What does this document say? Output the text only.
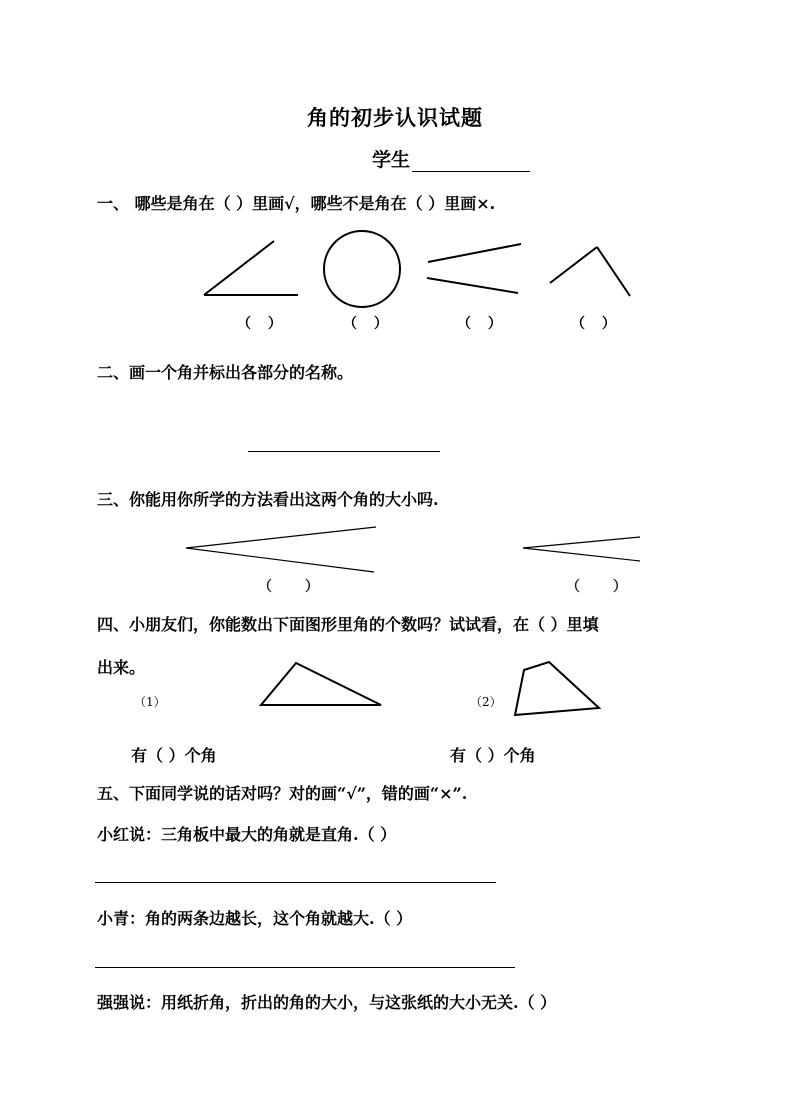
角的初步认识试题
学生
一、 哪些是角在（ ）里画√，哪些不是角在（ ）里画×.
（ ）	（ ）	（ ）	（ ）
二、画一个角并标出各部分的名称。
三、你能用你所学的方法看出这两个角的大小吗.
（ ）	（ ）
四、小朋友们，你能数出下面图形里角的个数吗？试试看，在（ ）里填
出来。
（1）	（2）
有（ ）个角	有（ ）个角
五、下面同学说的话对吗？对的画“√”，错的画“×”.
小红说：三角板中最大的角就是直角.（ ）
小青：角的两条边越长，这个角就越大.（ ）
强强说：用纸折角，折出的角的大小，与这张纸的大小无关.（ ）
